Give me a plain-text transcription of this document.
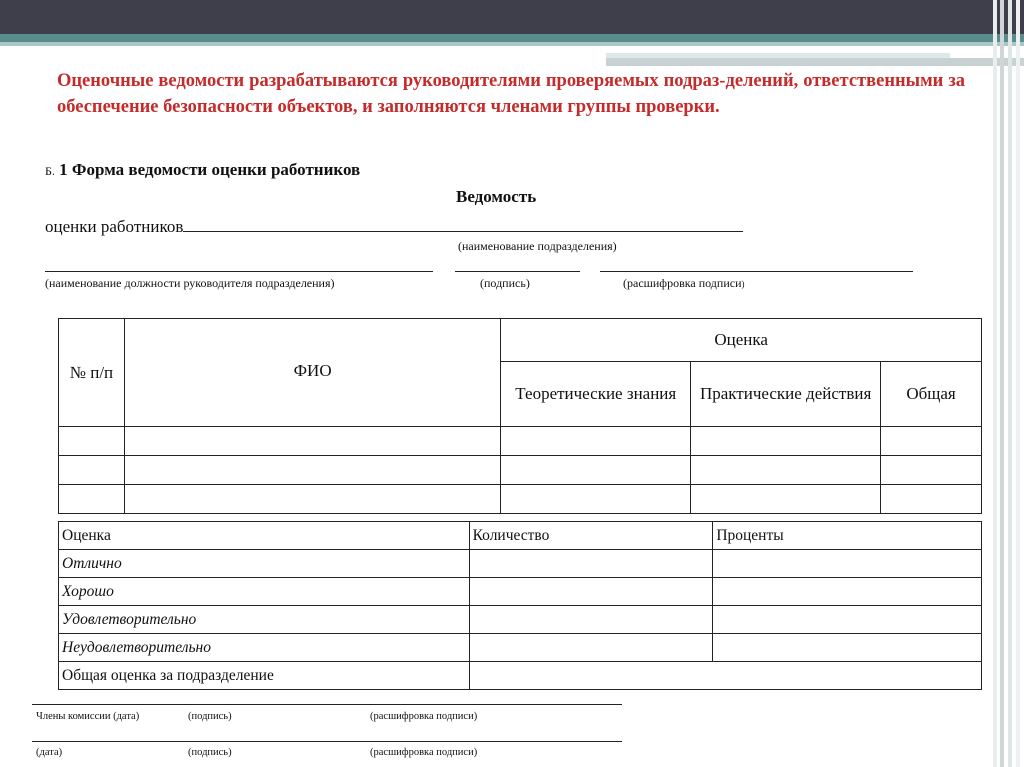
Оценочные ведомости разрабатываются руководителями проверяемых подраз-делений, ответственными за обеспечение безопасности объектов, и заполняются членами группы проверки.
Б. 1 Форма ведомости оценки работников
Ведомость
оценки работников
(наименование подразделения)
(наименование должности руководителя подразделения)	(подпись)	(расшифровка подписи)
№ п/п	ФИО	Оценка		
		Теоретические знания	Практические действия	Общая

Оценка	Количество	Проценты
Отлично		
Хорошо		
Удовлетворительно		
Неудовлетворительно		
Общая оценка за подразделение		
Члены комиссии (дата)	(подпись)	(расшифровка подписи)
(дата)	(подпись)	(расшифровка подписи)
